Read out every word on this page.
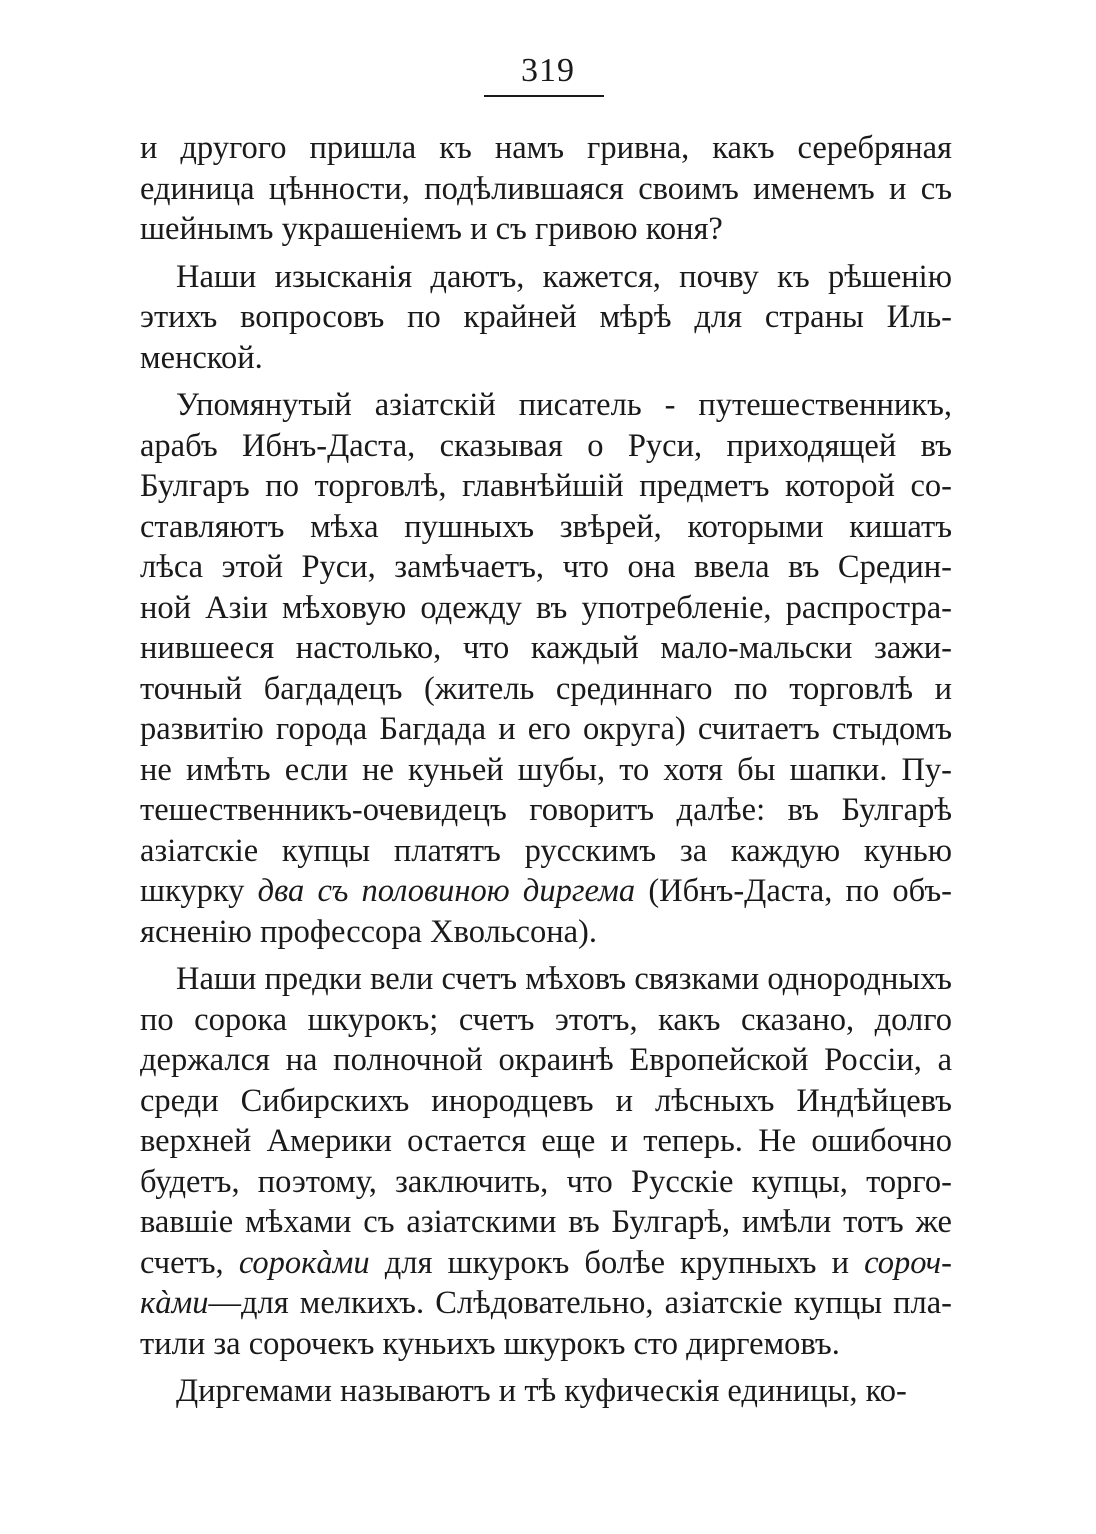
319
и другого пришла къ намъ гривна, какъ серебряная
единица цѣнности, подѣлившаяся своимъ именемъ и съ
шейнымъ украшеніемъ и съ гривою коня?
Наши изысканія даютъ, кажется, почву къ рѣшенію
этихъ вопросовъ по крайней мѣрѣ для страны Иль-
менской.
Упомянутый азіатскій писатель - путешественникъ,
арабъ Ибнъ-Даста, сказывая о Руси, приходящей въ
Булгаръ по торговлѣ, главнѣйшій предметъ которой со-
ставляютъ мѣха пушныхъ звѣрей, которыми кишатъ
лѣса этой Руси, замѣчаетъ, что она ввела въ Средин-
ной Азіи мѣховую одежду въ употребленіе, распростра-
нившееся настолько, что каждый мало-мальски зажи-
точный багдадецъ (житель срединнаго по торговлѣ и
развитію города Багдада и его округа) считаетъ стыдомъ
не имѣть если не куньей шубы, то хотя бы шапки. Пу-
тешественникъ-очевидецъ говоритъ далѣе: въ Булгарѣ
азіатскіе купцы платятъ русскимъ за каждую кунью
шкурку два съ половиною диргема (Ибнъ-Даста, по объ-
ясненію профессора Хвольсона).
Наши предки вели счетъ мѣховъ связками однородныхъ
по сорока шкурокъ; счетъ этотъ, какъ сказано, долго
держался на полночной окраинѣ Европейской Россіи, а
среди Сибирскихъ инородцевъ и лѣсныхъ Индѣйцевъ
верхней Америки остается еще и теперь. Не ошибочно
будетъ, поэтому, заключить, что Русскіе купцы, торго-
вавшіе мѣхами съ азіатскими въ Булгарѣ, имѣли тотъ же
счетъ, сорокàми для шкурокъ болѣе крупныхъ и сороч-
кàми—для мелкихъ. Слѣдовательно, азіатскіе купцы пла-
тили за сорочекъ куньихъ шкурокъ сто диргемовъ.
Диргемами называютъ и тѣ куфическія единицы, ко-
